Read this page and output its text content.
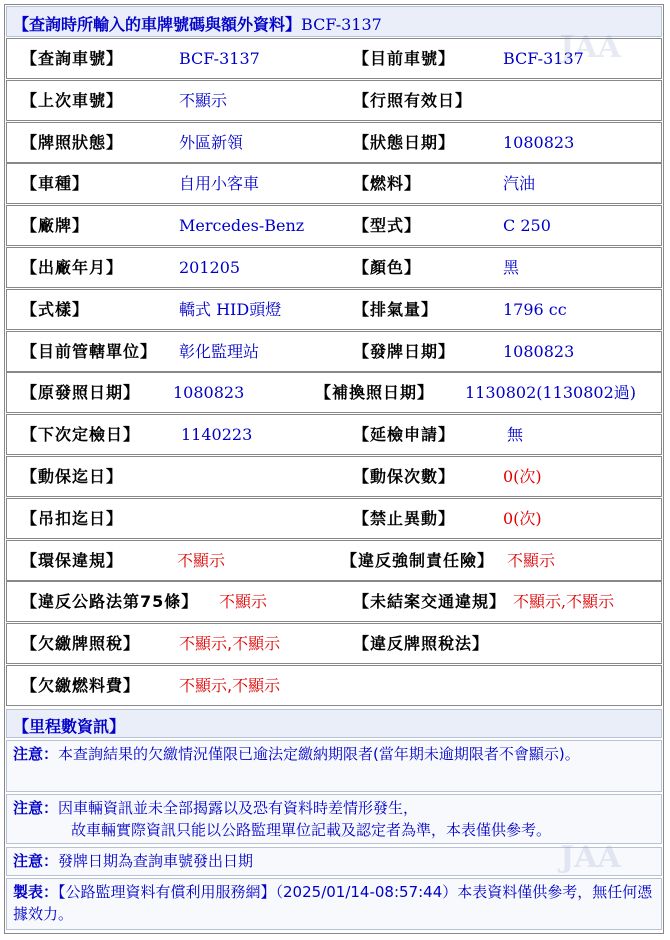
【查詢時所輸入的車牌號碼與額外資料】BCF-3137
【查詢車號】	BCF-3137	【目前車號】	BCF-3137
【上次車號】	不顯示	【行照有效日】
【牌照狀態】	外區新領	【狀態日期】	1080823
【車種】	自用小客車	【燃料】	汽油
【廠牌】	Mercedes-Benz	【型式】	C 250
【出廠年月】	201205	【顏色】	黑
【式樣】	轎式 HID頭燈	【排氣量】	1796 cc
【目前管轄單位】 彰化監理站	【發牌日期】	1080823
【原發照日期】 1080823	【補換照日期】 1130802(1130802過)
【下次定檢日】	1140223	【延檢申請】	無
【動保迄日】	【動保次數】	0(次)
【吊扣迄日】	【禁止異動】	0(次)
【環保違規】	不顯示	【違反強制責任險】 不顯示
【違反公路法第75條】 不顯示	【未結案交通違規】 不顯示,不顯示
【欠繳牌照稅】 不顯示,不顯示	【違反牌照稅法】
【欠繳燃料費】 不顯示,不顯示
【里程數資訊】
注意：本查詢結果的欠繳情況僅限已逾法定繳納期限者(當年期未逾期限者不會顯示)。
注意：因車輛資訊並未全部揭露以及恐有資料時差情形發生，
故車輛實際資訊只能以公路監理單位記載及認定者為準，本表僅供參考。
注意：發牌日期為查詢車號發出日期
製表：【公路監理資料有償利用服務網】（2025/01/14-08:57:44）本表資料僅供參考，無任何憑據效力。
JAA
JAA
